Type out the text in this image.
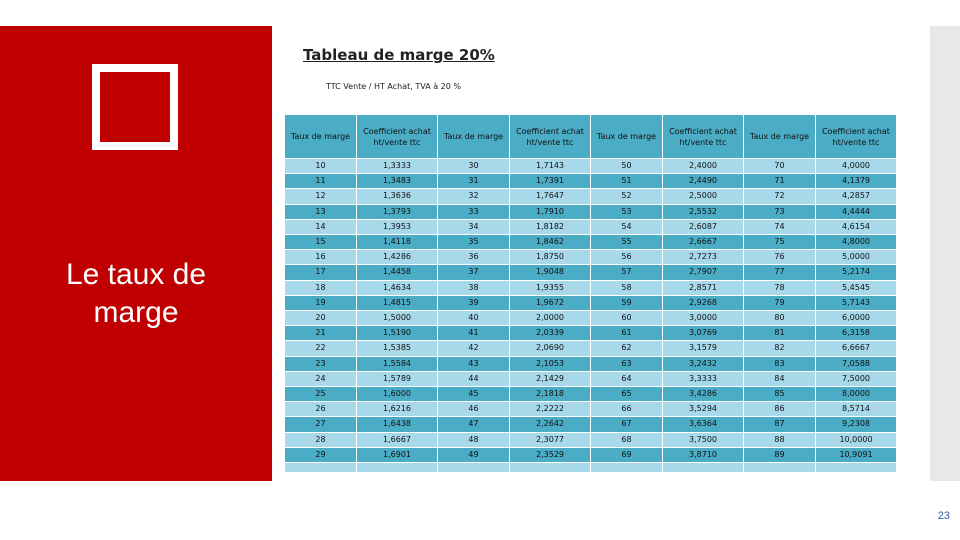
Le taux de marge
Tableau de marge 20%
TTC Vente / HT Achat, TVA à 20 %
Taux de marge	Coefficient achat ht/vente ttc	Taux de marge	Coefficient achat ht/vente ttc	Taux de marge	Coefficient achat ht/vente ttc	Taux de marge	Coefficient achat ht/vente ttc
10	1,3333	30	1,7143	50	2,4000	70	4,0000
11	1,3483	31	1,7391	51	2,4490	71	4,1379
12	1,3636	32	1,7647	52	2,5000	72	4,2857
13	1,3793	33	1,7910	53	2,5532	73	4,4444
14	1,3953	34	1,8182	54	2,6087	74	4,6154
15	1,4118	35	1,8462	55	2,6667	75	4,8000
16	1,4286	36	1,8750	56	2,7273	76	5,0000
17	1,4458	37	1,9048	57	2,7907	77	5,2174
18	1,4634	38	1,9355	58	2,8571	78	5,4545
19	1,4815	39	1,9672	59	2,9268	79	5,7143
20	1,5000	40	2,0000	60	3,0000	80	6,0000
21	1,5190	41	2,0339	61	3,0769	81	6,3158
22	1,5385	42	2,0690	62	3,1579	82	6,6667
23	1,5584	43	2,1053	63	3,2432	83	7,0588
24	1,5789	44	2,1429	64	3,3333	84	7,5000
25	1,6000	45	2,1818	65	3,4286	85	8,0000
26	1,6216	46	2,2222	66	3,5294	86	8,5714
27	1,6438	47	2,2642	67	3,6364	87	9,2308
28	1,6667	48	2,3077	68	3,7500	88	10,0000
29	1,6901	49	2,3529	69	3,8710	89	10,9091

23
